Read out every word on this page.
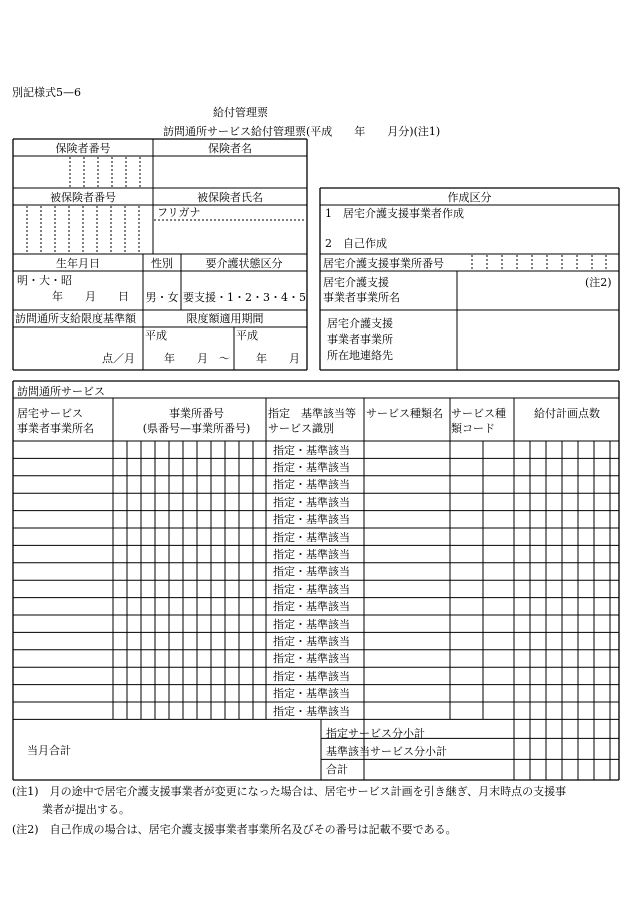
別記様式5—6
給付管理票
訪問通所サービス給付管理票(平成　　年　　月分)(注1)
保険者番号	保険者名
被保険者番号	被保険者氏名
フリガナ
作成区分
1　居宅介護支援事業者作成
2　自己作成
生年月日
明・大・昭
年　　月　　日
性別
男・女
要介護状態区分
要支援・1・2・3・4・5
居宅介護支援事業所番号
居宅介護支援
事業者事業所名
(注2)
居宅介護支援
事業者事業所
所在地連絡先
訪問通所支給限度基準額
点／月
限度額適用期間
平成
年　　月 〜
平成
年　　月
訪問通所サービス
居宅サービス
事業者事業所名
事業所番号
(県番号—事業所番号)
指定　基準該当等
サービス識別
サービス種類名 サービス種
類コード
給付計画点数
指定・基準該当
指定・基準該当
指定・基準該当
指定・基準該当
指定・基準該当
指定・基準該当
指定・基準該当
指定・基準該当
指定・基準該当
指定・基準該当
指定・基準該当
指定・基準該当
指定・基準該当
指定・基準該当
指定・基準該当
指定・基準該当
当月合計
指定サービス分小計
基準該当サービス分小計
合計
(注1)　月の途中で居宅介護支援事業者が変更になった場合は、居宅サービス計画を引き継ぎ、月末時点の支援事
業者が提出する。
(注2)　自己作成の場合は、居宅介護支援事業者事業所名及びその番号は記載不要である。
